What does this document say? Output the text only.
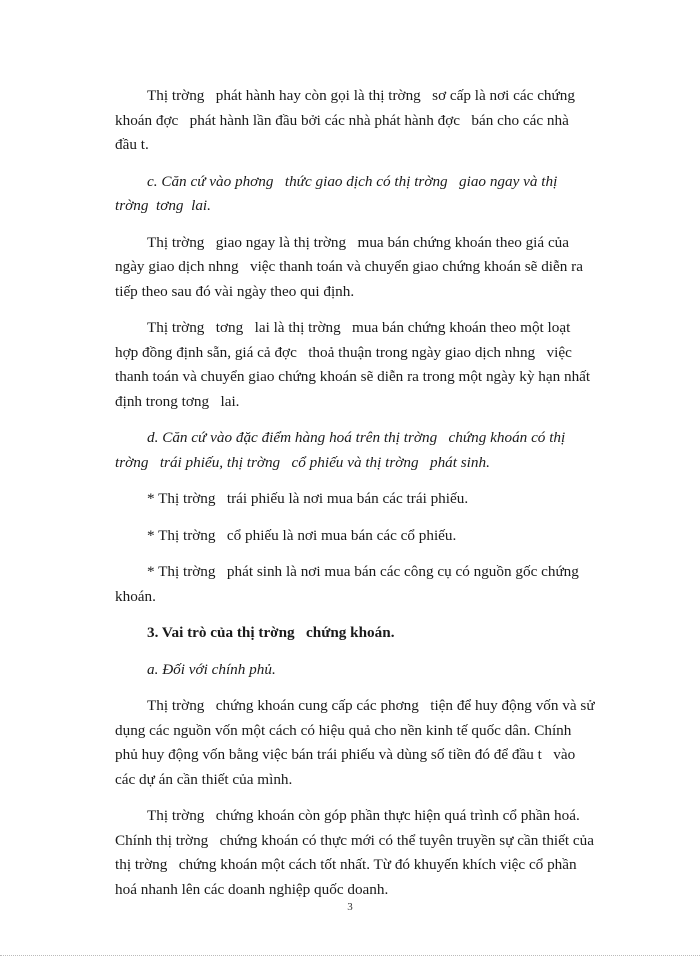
Thị trờng   phát hành hay còn gọi là thị trờng   sơ cấp là nơi các chứng
khoán đợc   phát hành lần đầu bởi các nhà phát hành đợc   bán cho các nhà
đầu t.
c. Căn cứ vào phơng   thức giao dịch có thị trờng   giao ngay và thị
trờng  tơng  lai.
Thị trờng   giao ngay là thị trờng   mua bán chứng khoán theo giá của
ngày giao dịch nhng   việc thanh toán và chuyển giao chứng khoán sẽ diễn ra
tiếp theo sau đó vài ngày theo qui định.
Thị trờng   tơng   lai là thị trờng   mua bán chứng khoán theo một loạt
hợp đồng định sẵn, giá cả đợc   thoả thuận trong ngày giao dịch nhng   việc
thanh toán và chuyển giao chứng khoán sẽ diễn ra trong một ngày kỳ hạn nhất
định trong tơng   lai.
d. Căn cứ vào đặc điểm hàng hoá trên thị trờng   chứng khoán có thị
trờng   trái phiếu, thị trờng   cổ phiếu và thị trờng   phát sinh.
* Thị trờng   trái phiếu là nơi mua bán các trái phiếu.
* Thị trờng   cổ phiếu là nơi mua bán các cổ phiếu.
* Thị trờng   phát sinh là nơi mua bán các công cụ có nguồn gốc chứng
khoán.
3. Vai trò của thị trờng   chứng khoán.
a. Đối với chính phủ.
Thị trờng   chứng khoán cung cấp các phơng   tiện để huy động vốn và sử
dụng các nguồn vốn một cách có hiệu quả cho nền kinh tế quốc dân. Chính
phủ huy động vốn bằng việc bán trái phiếu và dùng số tiền đó để đầu t   vào
các dự án cần thiết của mình.
Thị trờng   chứng khoán còn góp phần thực hiện quá trình cổ phần hoá.
Chính thị trờng   chứng khoán có thực mới có thể tuyên truyền sự cần thiết của
thị trờng   chứng khoán một cách tốt nhất. Từ đó khuyến khích việc cổ phần
hoá nhanh lên các doanh nghiệp quốc doanh.
3
